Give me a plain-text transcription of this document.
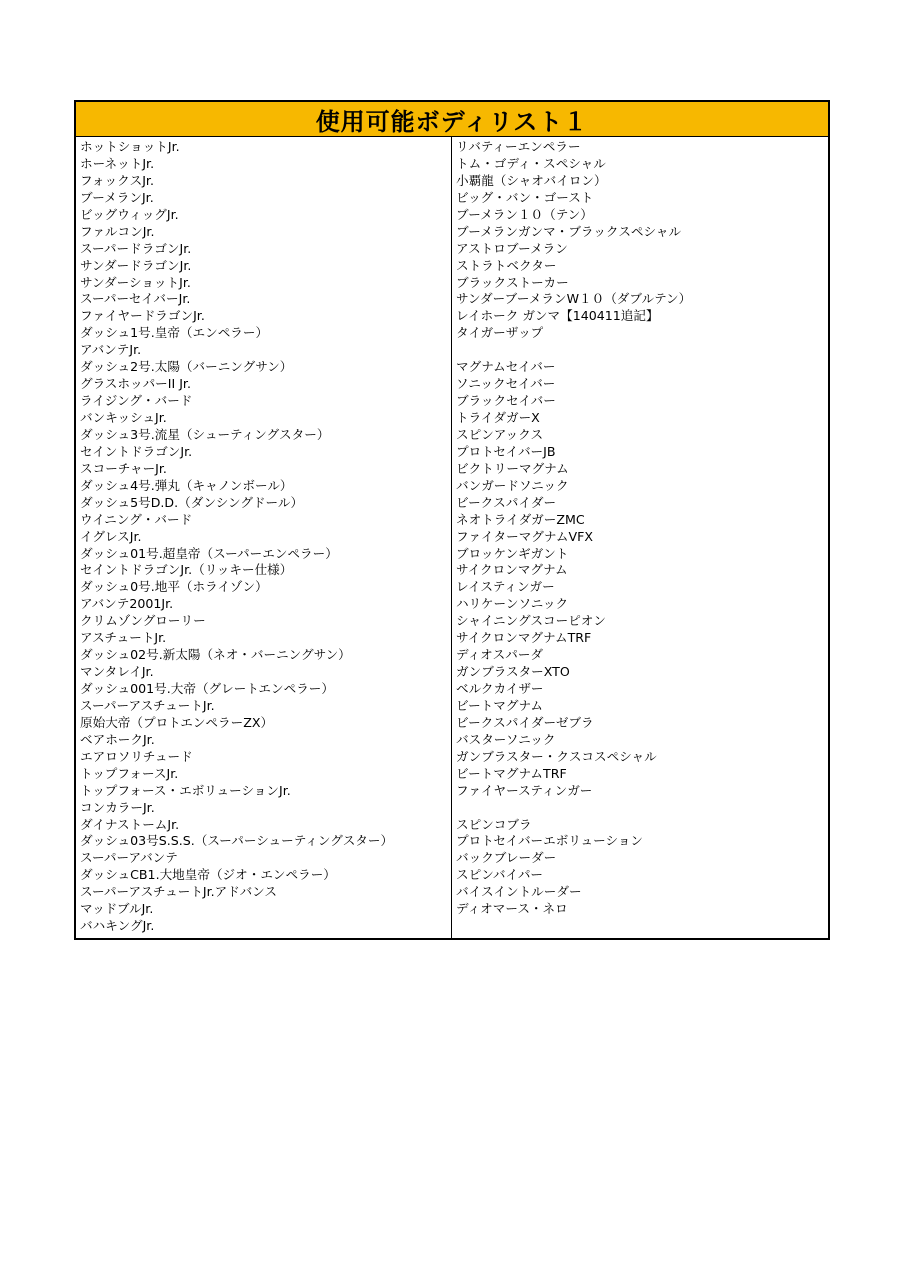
使用可能ボディリスト１
ホットショットJr.
ホーネットJr.
フォックスJr.
ブーメランJr.
ビッグウィッグJr.
ファルコンJr.
スーパードラゴンJr.
サンダードラゴンJr.
サンダーショットJr.
スーパーセイバーJr.
ファイヤードラゴンJr.
ダッシュ1号.皇帝（エンペラー）
アバンテJr.
ダッシュ2号.太陽（バーニングサン）
グラスホッパーII Jr.
ライジング・バード
バンキッシュJr.
ダッシュ3号.流星（シューティングスター）
セイントドラゴンJr.
スコーチャーJr.
ダッシュ4号.弾丸（キャノンボール）
ダッシュ5号D.D.（ダンシングドール）
ウイニング・バード
イグレスJr.
ダッシュ01号.超皇帝（スーパーエンペラー）
セイントドラゴンJr.（リッキー仕様）
ダッシュ0号.地平（ホライゾン）
アバンテ2001Jr.
クリムゾングローリー
アスチュートJr.
ダッシュ02号.新太陽（ネオ・バーニングサン）
マンタレイJr.
ダッシュ001号.大帝（グレートエンペラー）
スーパーアスチュートJr.
原始大帝（プロトエンペラーZX）
ベアホークJr.
エアロソリチュード
トップフォースJr.
トップフォース・エボリューションJr.
コンカラーJr.
ダイナストームJr.
ダッシュ03号S.S.S.（スーパーシューティングスター）
スーパーアバンテ
ダッシュCB1.大地皇帝（ジオ・エンペラー）
スーパーアスチュートJr.アドバンス
マッドブルJr.
バハキングJr.
リバティーエンペラー
トム・ゴディ・スペシャル
小覇龍（シャオバイロン）
ビッグ・バン・ゴースト
ブーメラン１０（テン）
ブーメランガンマ・ブラックスペシャル
アストロブーメラン
ストラトベクター
ブラックストーカー
サンダーブーメランW１０（ダブルテン）
レイホーク ガンマ【140411追記】
タイガーザップ
マグナムセイバー
ソニックセイバー
ブラックセイバー
トライダガーX
スピンアックス
プロトセイバーJB
ビクトリーマグナム
バンガードソニック
ビークスパイダー
ネオトライダガーZMC
ファイターマグナムVFX
ブロッケンギガント
サイクロンマグナム
レイスティンガー
ハリケーンソニック
シャイニングスコーピオン
サイクロンマグナムTRF
ディオスパーダ
ガンブラスターXTO
ベルクカイザー
ビートマグナム
ビークスパイダーゼブラ
バスターソニック
ガンブラスター・クスコスペシャル
ビートマグナムTRF
ファイヤースティンガー
スピンコブラ
プロトセイバーエボリューション
バックブレーダー
スピンバイパー
バイスイントルーダー
ディオマース・ネロ
